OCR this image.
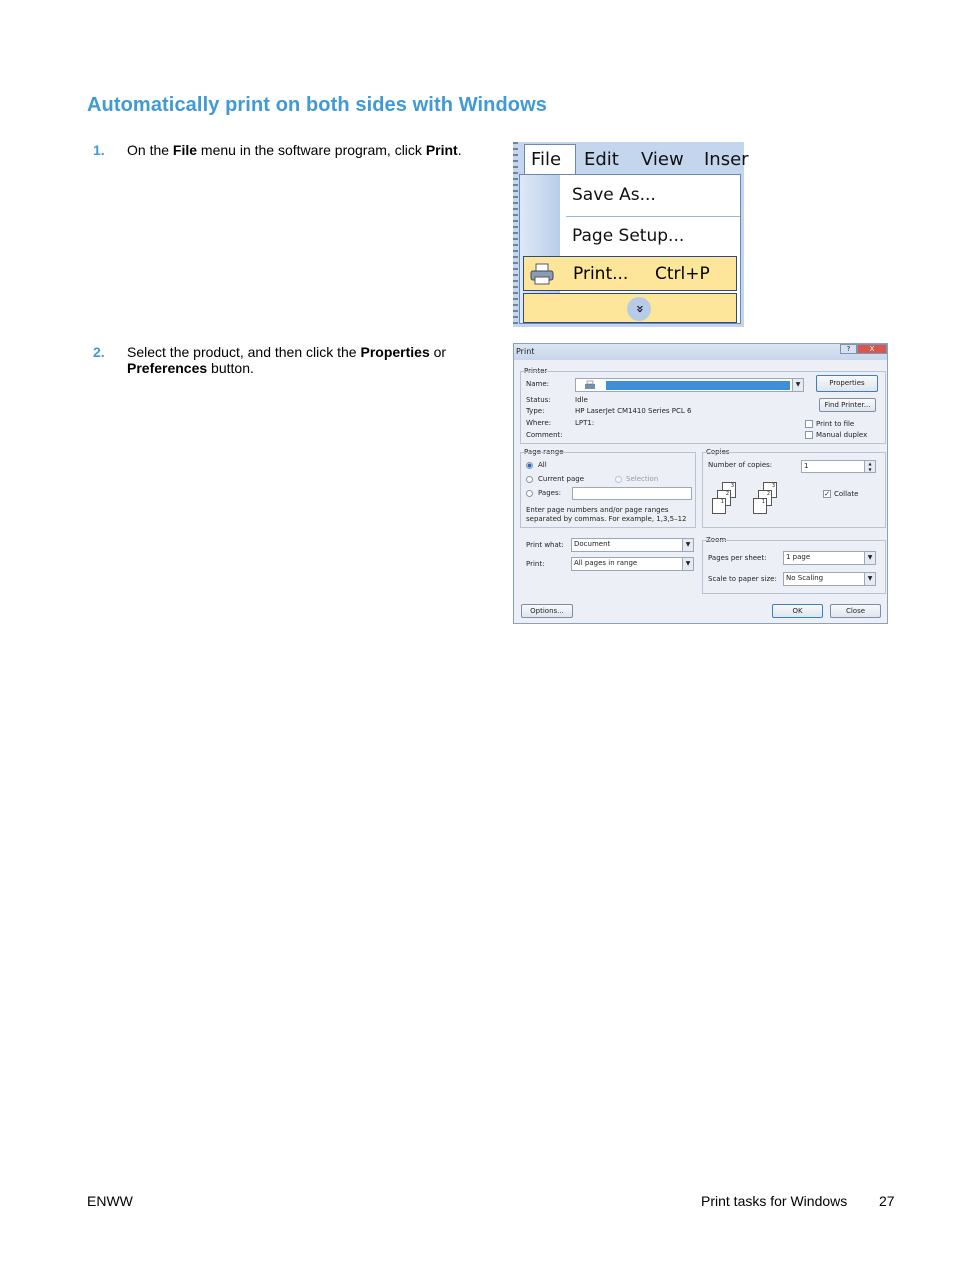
Automatically print on both sides with Windows
1. On the File menu in the software program, click Print.
2. Select the product, and then click the Properties or Preferences button.
File Edit View Inser
Save As...
Page Setup...
Print... Ctrl+P
»
Print	?	X
Printer
Name:	▼	Properties
Status:	Idle
Type:	HP LaserJet CM1410 Series PCL 6
Where:	LPT1:
Comment:
Find Printer...
Print to file
Manual duplex
Page range
All
Current page	Selection
Pages:
Enter page numbers and/or page ranges
separated by commas. For example, 1,3,5–12
Copies
Number of copies:	1	▲
▼
3
2
1
3
2
1
✓ Collate
Print what:	Document	▼
Print:	All pages in range	▼
Zoom
Pages per sheet:	1 page	▼
Scale to paper size:	No Scaling	▼
Options...	OK	Close
ENWW	Print tasks for Windows 27
